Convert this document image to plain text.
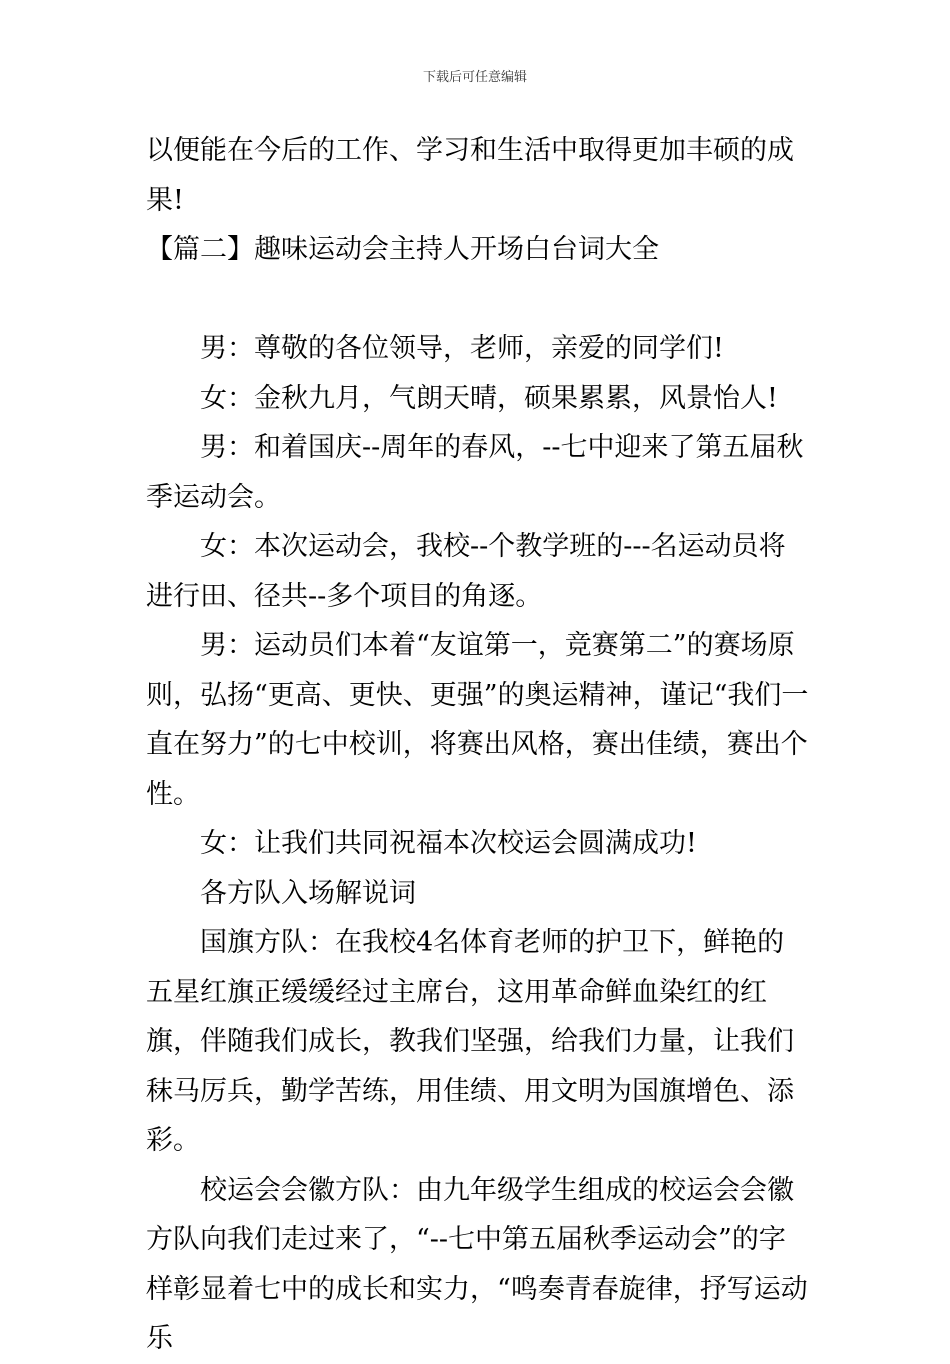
下载后可任意编辑

以便能在今后的工作、学习和生活中取得更加丰硕的成果!

【篇二】趣味运动会主持人开场白台词大全

男：尊敬的各位领导，老师，亲爱的同学们!

女：金秋九月，气朗天晴，硕果累累，风景怡人!

男：和着国庆--周年的春风，--七中迎来了第五届秋季运动会。

女：本次运动会，我校--个教学班的---名运动员将进行田、径共--多个项目的角逐。

男：运动员们本着“友谊第一，竞赛第二”的赛场原则，弘扬“更高、更快、更强”的奥运精神，谨记“我们一直在努力”的七中校训，将赛出风格，赛出佳绩，赛出个性。

女：让我们共同祝福本次校运会圆满成功!

各方队入场解说词

国旗方队：在我校4名体育老师的护卫下，鲜艳的五星红旗正缓缓经过主席台，这用革命鲜血染红的红旗，伴随我们成长，教我们坚强，给我们力量，让我们秣马厉兵，勤学苦练，用佳绩、用文明为国旗增色、添彩。

校运会会徽方队：由九年级学生组成的校运会会徽方队向我们走过来了，“--七中第五届秋季运动会”的字样彰显着七中的成长和实力，“鸣奏青春旋律，抒写运动乐
